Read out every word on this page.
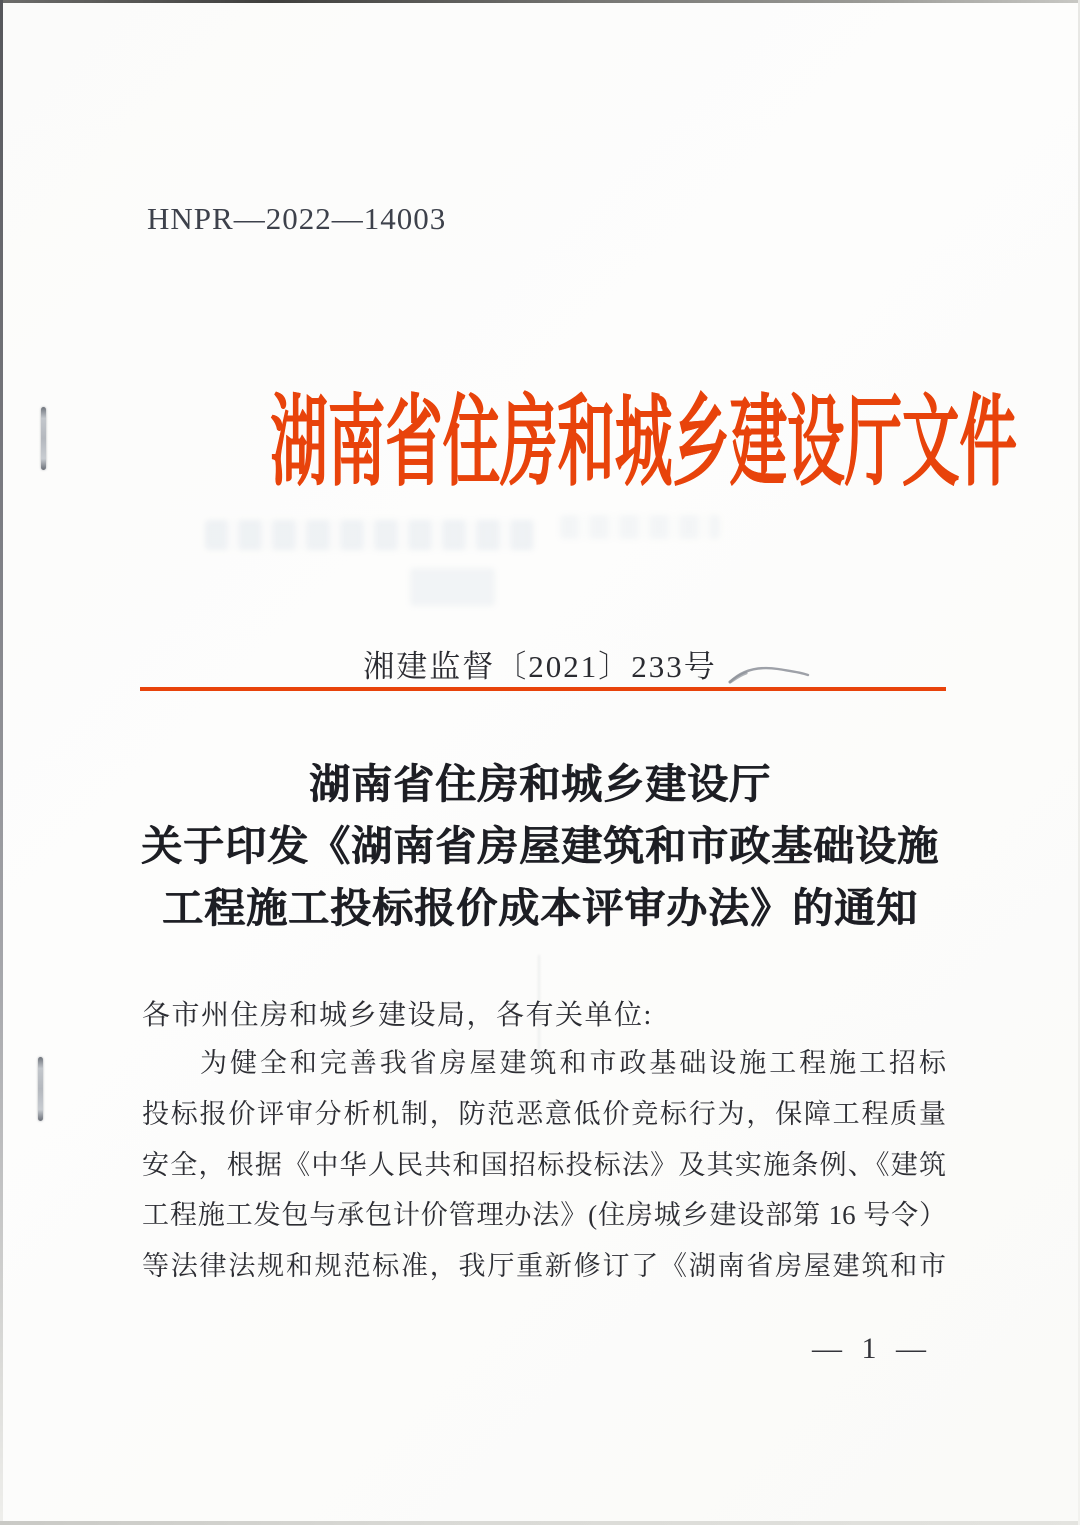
HNPR—2022—14003
湖南省住房和城乡建设厅文件
湘建监督〔2021〕233号
湖南省住房和城乡建设厅
关于印发《湖南省房屋建筑和市政基础设施
工程施工投标报价成本评审办法》的通知
各市州住房和城乡建设局，各有关单位:
为健全和完善我省房屋建筑和市政基础设施工程施工招标
投标报价评审分析机制，防范恶意低价竞标行为，保障工程质量
安全，根据《中华人民共和国招标投标法》及其实施条例、《建筑
工程施工发包与承包计价管理办法》(住房城乡建设部第 16 号令）
等法律法规和规范标准，我厅重新修订了《湖南省房屋建筑和市
— 1 —
